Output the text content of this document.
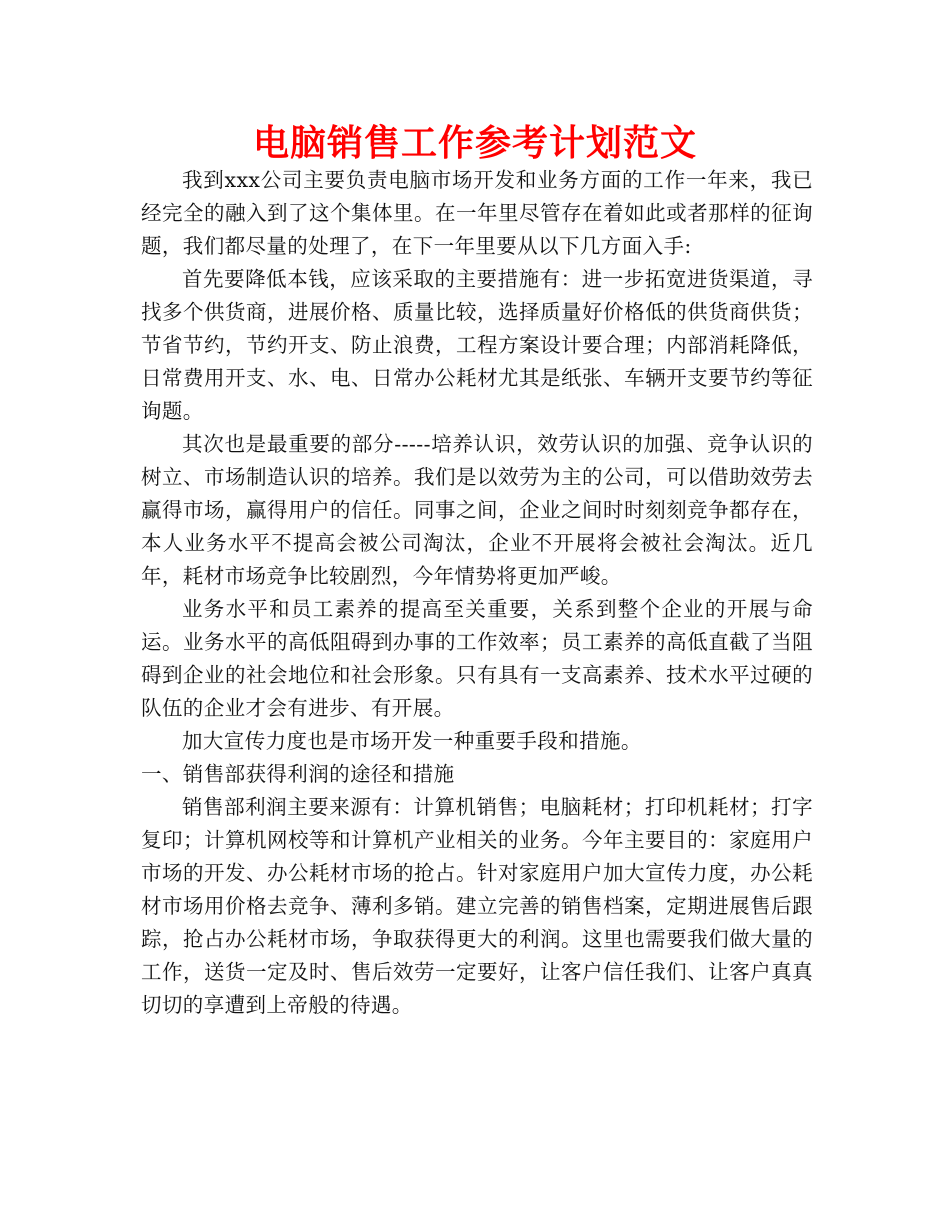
电脑销售工作参考计划范文

我到xxx公司主要负责电脑市场开发和业务方面的工作一年来，我已经完全的融入到了这个集体里。在一年里尽管存在着如此或者那样的征询题，我们都尽量的处理了，在下一年里要从以下几方面入手:

首先要降低本钱，应该采取的主要措施有：进一步拓宽进货渠道，寻找多个供货商，进展价格、质量比较，选择质量好价格低的供货商供货；节省节约，节约开支、防止浪费，工程方案设计要合理；内部消耗降低，日常费用开支、水、电、日常办公耗材尤其是纸张、车辆开支要节约等征询题。

其次也是最重要的部分-----培养认识，效劳认识的加强、竞争认识的树立、市场制造认识的培养。我们是以效劳为主的公司，可以借助效劳去赢得市场，赢得用户的信任。同事之间，企业之间时时刻刻竞争都存在，本人业务水平不提高会被公司淘汰，企业不开展将会被社会淘汰。近几年，耗材市场竞争比较剧烈，今年情势将更加严峻。

业务水平和员工素养的提高至关重要，关系到整个企业的开展与命运。业务水平的高低阻碍到办事的工作效率；员工素养的高低直截了当阻碍到企业的社会地位和社会形象。只有具有一支高素养、技术水平过硬的队伍的企业才会有进步、有开展。

加大宣传力度也是市场开发一种重要手段和措施。

一、销售部获得利润的途径和措施

销售部利润主要来源有：计算机销售；电脑耗材；打印机耗材；打字复印；计算机网校等和计算机产业相关的业务。今年主要目的：家庭用户市场的开发、办公耗材市场的抢占。针对家庭用户加大宣传力度，办公耗材市场用价格去竞争、薄利多销。建立完善的销售档案，定期进展售后跟踪，抢占办公耗材市场，争取获得更大的利润。这里也需要我们做大量的工作，送货一定及时、售后效劳一定要好，让客户信任我们、让客户真真切切的享遭到上帝般的待遇。
